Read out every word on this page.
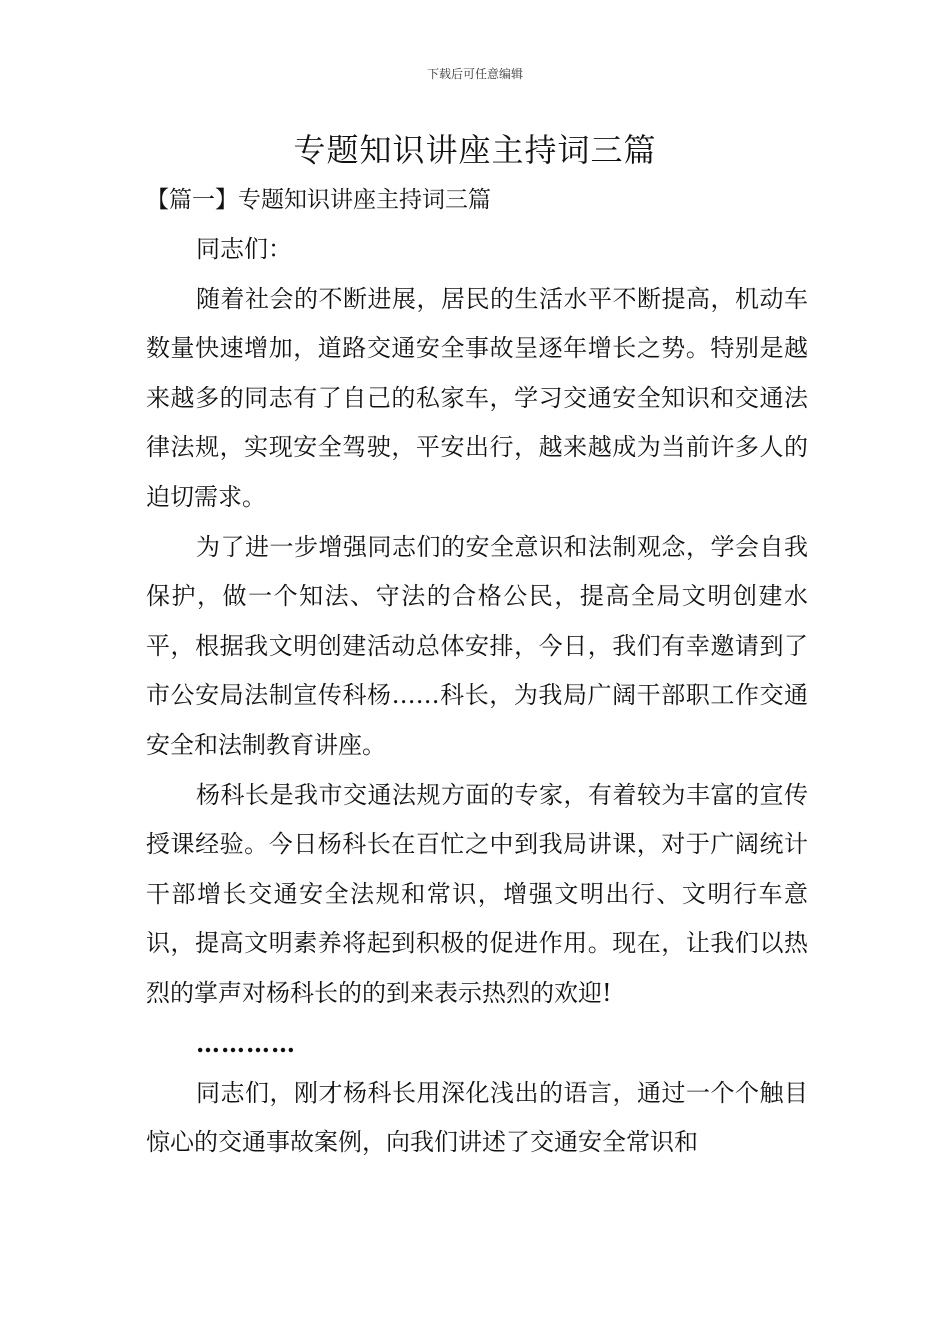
下载后可任意编辑
专题知识讲座主持词三篇
【篇一】专题知识讲座主持词三篇

同志们：

随着社会的不断进展，居民的生活水平不断提高，机动车数量快速增加，道路交通安全事故呈逐年增长之势。特别是越来越多的同志有了自己的私家车，学习交通安全知识和交通法律法规，实现安全驾驶，平安出行，越来越成为当前许多人的迫切需求。

为了进一步增强同志们的安全意识和法制观念，学会自我保护，做一个知法、守法的合格公民，提高全局文明创建水平，根据我文明创建活动总体安排，今日，我们有幸邀请到了市公安局法制宣传科杨……科长，为我局广阔干部职工作交通安全和法制教育讲座。

杨科长是我市交通法规方面的专家，有着较为丰富的宣传授课经验。今日杨科长在百忙之中到我局讲课，对于广阔统计干部增长交通安全法规和常识，增强文明出行、文明行车意识，提高文明素养将起到积极的促进作用。现在，让我们以热烈的掌声对杨科长的的到来表示热烈的欢迎!

…………

同志们，刚才杨科长用深化浅出的语言，通过一个个触目惊心的交通事故案例，向我们讲述了交通安全常识和
